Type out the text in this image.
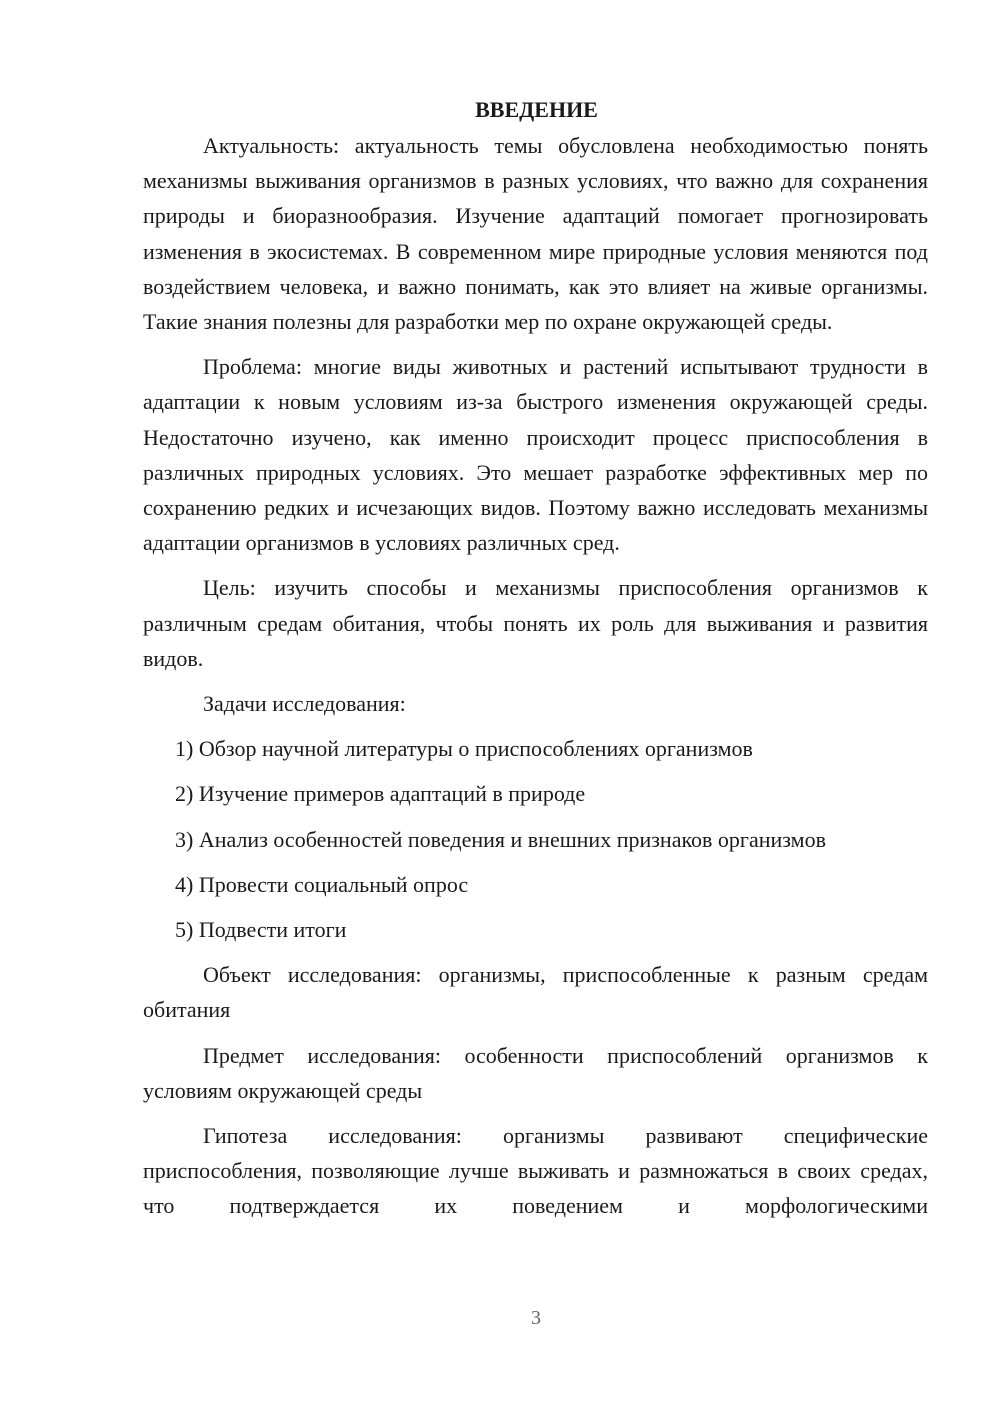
ВВЕДЕНИЕ

Актуальность: актуальность темы обусловлена необходимостью понять механизмы выживания организмов в разных условиях, что важно для сохранения природы и биоразнообразия. Изучение адаптаций помогает прогнозировать изменения в экосистемах. В современном мире природные условия меняются под воздействием человека, и важно понимать, как это влияет на живые организмы. Такие знания полезны для разработки мер по охране окружающей среды.

Проблема: многие виды животных и растений испытывают трудности в адаптации к новым условиям из-за быстрого изменения окружающей среды. Недостаточно изучено, как именно происходит процесс приспособления в различных природных условиях. Это мешает разработке эффективных мер по сохранению редких и исчезающих видов. Поэтому важно исследовать механизмы адаптации организмов в условиях различных сред.

Цель: изучить способы и механизмы приспособления организмов к различным средам обитания, чтобы понять их роль для выживания и развития видов.

Задачи исследования:

1) Обзор научной литературы о приспособлениях организмов

2) Изучение примеров адаптаций в природе

3) Анализ особенностей поведения и внешних признаков организмов

4) Провести социальный опрос

5) Подвести итоги

Объект исследования: организмы, приспособленные к разным средам обитания

Предмет исследования: особенности приспособлений организмов к условиям окружающей среды

Гипотеза исследования: организмы развивают специфические приспособления, позволяющие лучше выживать и размножаться в своих средах, что подтверждается их поведением и морфологическими

3
